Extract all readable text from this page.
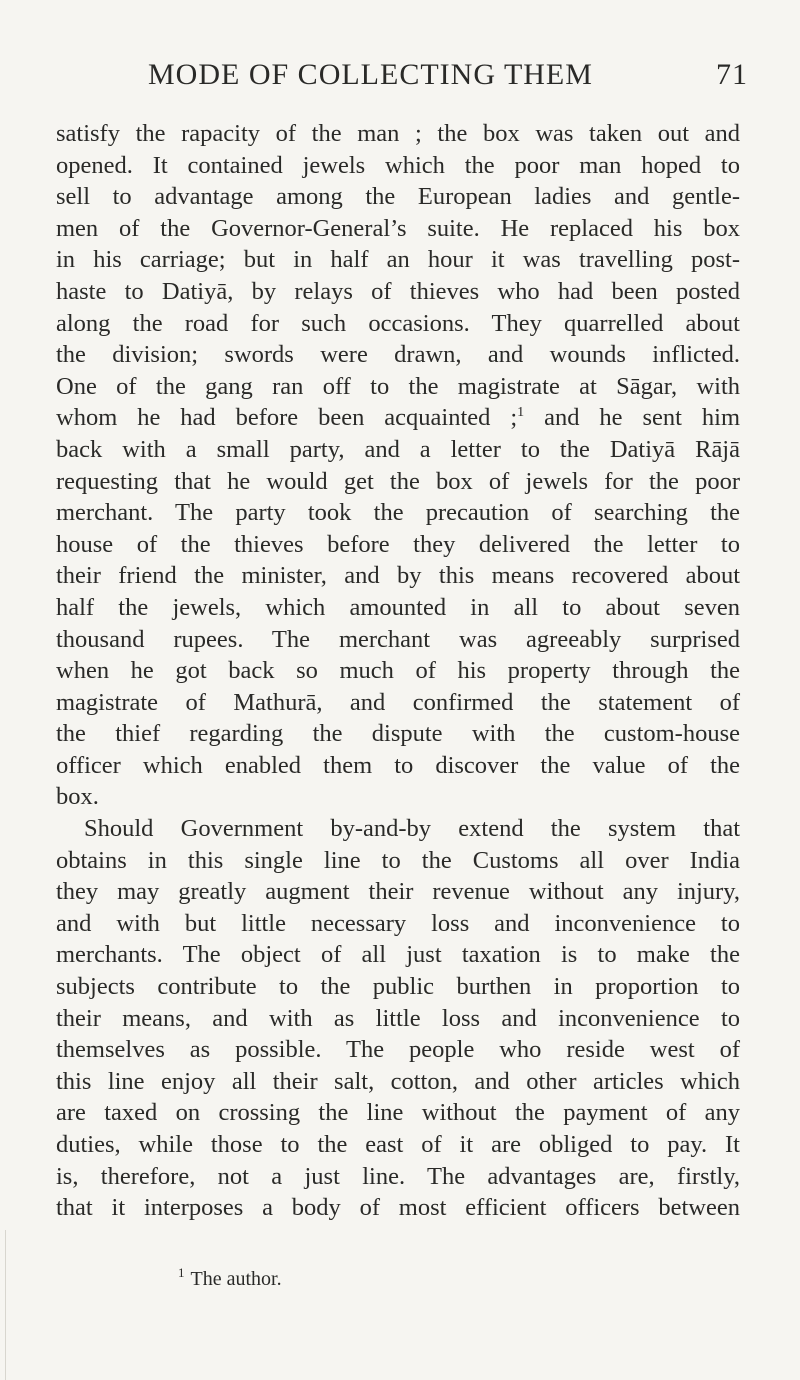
MODE OF COLLECTING THEM	71
satisfy the rapacity of the man ; the box was taken out and
opened. It contained jewels which the poor man hoped to
sell to advantage among the European ladies and gentle-
men of the Governor-General’s suite. He replaced his box
in his carriage; but in half an hour it was travelling post-
haste to Datiyā, by relays of thieves who had been posted
along the road for such occasions. They quarrelled about
the division; swords were drawn, and wounds inflicted.
One of the gang ran off to the magistrate at Sāgar, with
whom he had before been acquainted ;$^1$ and he sent him
back with a small party, and a letter to the Datiyā Rājā
requesting that he would get the box of jewels for the poor
merchant. The party took the precaution of searching the
house of the thieves before they delivered the letter to
their friend the minister, and by this means recovered about
half the jewels, which amounted in all to about seven
thousand rupees. The merchant was agreeably surprised
when he got back so much of his property through the
magistrate of Mathurā, and confirmed the statement of
the thief regarding the dispute with the custom-house
officer which enabled them to discover the value of the
box.
Should Government by-and-by extend the system that
obtains in this single line to the Customs all over India
they may greatly augment their revenue without any injury,
and with but little necessary loss and inconvenience to
merchants. The object of all just taxation is to make the
subjects contribute to the public burthen in proportion to
their means, and with as little loss and inconvenience to
themselves as possible. The people who reside west of
this line enjoy all their salt, cotton, and other articles which
are taxed on crossing the line without the payment of any
duties, while those to the east of it are obliged to pay. It
is, therefore, not a just line. The advantages are, firstly,
that it interposes a body of most efficient officers between
$^1$ The author.
